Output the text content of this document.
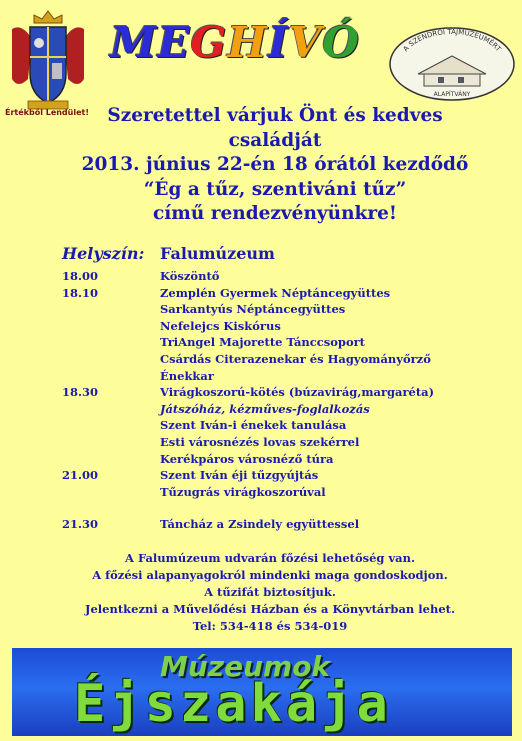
Értékből Lendület!
M E G H Í V Ó	A SZENDRŐI TÁJMÚZEUMÉRT
ALAPÍTVÁNY
Szeretettel várjuk Önt és kedves
családját
2013. június 22-én 18 órától kezdődő
“Ég a tűz, szentiváni tűz”
című rendezvényünkre!
Helyszín: Falumúzeum
18.00	Köszöntő
18.10	Zemplén Gyermek Néptáncegyüttes
Sarkantyús Néptáncegyüttes
Nefelejcs Kiskórus
TriAngel Majorette Tánccsoport
Csárdás Citerazenekar és Hagyományőrző
Énekkar
18.30	Virágkoszorú-kötés (búzavirág,margaréta)
Játszóház, kézműves-foglalkozás
Szent Iván-i énekek tanulása
Esti városnézés lovas szekérrel
Kerékpáros városnéző túra
21.00	Szent Iván éji tűzgyújtás
Tűzugrás virágkoszorúval
21.30	Táncház a Zsindely együttessel
A Falumúzeum udvarán főzési lehetőség van.
A főzési alapanyagokról mindenki maga gondoskodjon.
A tűzifát biztosítjuk.
Jelentkezni a Művelődési Házban és a Könyvtárban lehet.
Tel: 534-418 és 534-019
Múzeumok
Éjszakája
